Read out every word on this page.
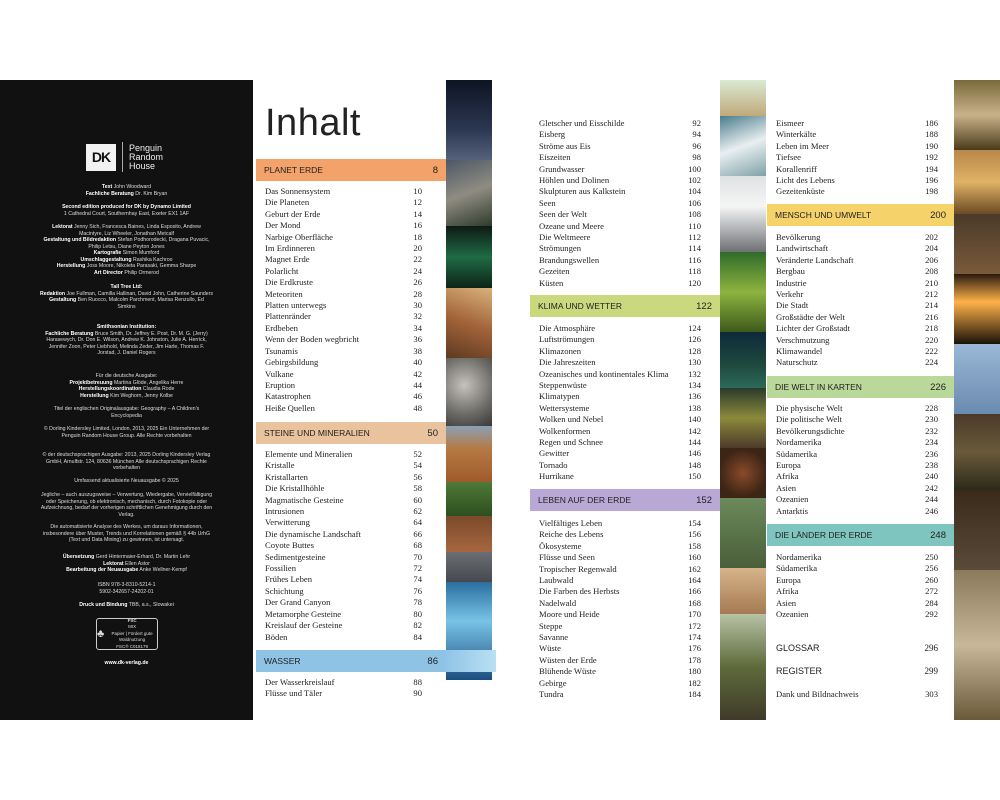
DK
Penguin
Random
House

Text John Woodward

Fachliche Beratung Dr. Kim Bryan

Second edition produced for DK by Dynamo Limited

1 Cathedral Court, Southernhay East, Exeter EX1 1AF

Lektorat Jenny Sich, Francesca Baines, Linda Esposito, Andrew Macintyre, Liz Wheeler, Jonathan Metcalf

Gestaltung und Bildredaktion Stefan Podhorodecki, Dragana Puvacic, Philip Letsu, Diane Peyton Jones

Kartografie Simon Mumford

Umschlaggestaltung Rashika Kachroo

Herstellung Joss Moore, Nikoleta Parasaki, Gemma Sharpe

Art Director Philip Ormerod

Tall Tree Ltd:

Redaktion Joe Fullman, Camilla Hallinan, David John, Catherine Saunders

Gestaltung Ben Ruocco, Malcolm Parchment, Marisa Renzullo, Ed Simkins

Smithsonian Institution:

Fachliche Beratung Bruce Smith, Dr. Jeffrey E. Post, Dr. M. G. (Jerry) Harasewych, Dr. Don E. Wilson, Andrew K. Johnston, Julie A. Herrick, Jennifer Zoon, Peter Liebhold, Melinda Zeder, Jim Harle, Thomas F. Jorstad, J. Daniel Rogers

Für die deutsche Ausgabe:

Projektbetreuung Martina Glöde, Angelika Herre

Herstellungskoordination Claudia Rode

Herstellung Kim Weghorn, Jenny Kolbe

Titel der englischen Originalausgabe: Geography – A Children's Encyclopedia

© Dorling Kindersley Limited, London, 2013, 2025 Ein Unternehmen der Penguin Random House Group. Alle Rechte vorbehalten

© der deutschsprachigen Ausgabe: 2013, 2025 Dorling Kindersley Verlag GmbH, Arnulfstr. 124, 80636 München Alle deutschsprachigen Rechte vorbehalten

Umfassend aktualisierte Neuausgabe © 2025

Jegliche – auch auszugsweise – Verwertung, Wiedergabe, Vervielfältigung oder Speicherung, ob elektronisch, mechanisch, durch Fotokopie oder Aufzeichnung, bedarf der vorherigen schriftlichen Genehmigung durch den Verlag.

Die automatisierte Analyse des Werkes, um daraus Informationen, insbesondere über Muster, Trends und Korrelationen gemäß § 44b UrhG (Text und Data Mining) zu gewinnen, ist untersagt.

Übersetzung Gerd Hintermaier-Erhard, Dr. Martin Lehr

Lektorat Ellen Astor

Bearbeitung der Neuausgabe Anke Wellner-Kempf

ISBN 978-3-8310-5214-1

5902-342657-24202-01

Druck und Bindung TBB, a.s., Slowakei

♣
FSC
MIX
Papier | Fördert gute Waldnutzung
FSC® C018179

www.dk-verlag.de

Inhalt
PLANET ERDE	8
Das Sonnensystem	10
Die Planeten	12
Geburt der Erde	14
Der Mond	16
Narbige Oberfläche	18
Im Erdinneren	20
Magnet Erde	22
Polarlicht	24
Die Erdkruste	26
Meteoriten	28
Platten unterwegs	30
Plattenränder	32
Erdbeben	34
Wenn der Boden wegbricht	36
Tsunamis	38
Gebirgsbildung	40
Vulkane	42
Eruption	44
Katastrophen	46
Heiße Quellen	48
STEINE UND MINERALIEN	50
Elemente und Mineralien	52
Kristalle	54
Kristallarten	56
Die Kristallhöhle	58
Magmatische Gesteine	60
Intrusionen	62
Verwitterung	64
Die dynamische Landschaft	66
Coyote Buttes	68
Sedimentgesteine	70
Fossilien	72
Frühes Leben	74
Schichtung	76
Der Grand Canyon	78
Metamorphe Gesteine	80
Kreislauf der Gesteine	82
Böden	84
WASSER	86
Der Wasserkreislauf	88
Flüsse und Täler	90
Gletscher und Eisschilde	92
Eisberg	94
Ströme aus Eis	96
Eiszeiten	98
Grundwasser	100
Höhlen und Dolinen	102
Skulpturen aus Kalkstein	104
Seen	106
Seen der Welt	108
Ozeane und Meere	110
Die Weltmeere	112
Strömungen	114
Brandungswellen	116
Gezeiten	118
Küsten	120
KLIMA UND WETTER	122
Die Atmosphäre	124
Luftströmungen	126
Klimazonen	128
Die Jahreszeiten	130
Ozeanisches und kontinentales Klima 132
Steppenwüste	134
Klimatypen	136
Wettersysteme	138
Wolken und Nebel	140
Wolkenformen	142
Regen und Schnee	144
Gewitter	146
Tornado	148
Hurrikane	150
LEBEN AUF DER ERDE	152
Vielfältiges Leben	154
Reiche des Lebens	156
Ökosysteme	158
Flüsse und Seen	160
Tropischer Regenwald	162
Laubwald	164
Die Farben des Herbsts	166
Nadelwald	168
Moore und Heide	170
Steppe	172
Savanne	174
Wüste	176
Wüsten der Erde	178
Blühende Wüste	180
Gebirge	182
Tundra	184
Eismeer	186
Winterkälte	188
Leben im Meer	190
Tiefsee	192
Korallenriff	194
Licht des Lebens	196
Gezeitenküste	198
MENSCH UND UMWELT	200
Bevölkerung	202
Landwirtschaft	204
Veränderte Landschaft	206
Bergbau	208
Industrie	210
Verkehr	212
Die Stadt	214
Großstädte der Welt	216
Lichter der Großstadt	218
Verschmutzung	220
Klimawandel	222
Naturschutz	224
DIE WELT IN KARTEN	226
Die physische Welt	228
Die politische Welt	230
Bevölkerungsdichte	232
Nordamerika	234
Südamerika	236
Europa	238
Afrika	240
Asien	242
Ozeanien	244
Antarktis	246
DIE LÄNDER DER ERDE	248
Nordamerika	250
Südamerika	256
Europa	260
Afrika	272
Asien	284
Ozeanien	292
GLOSSAR	296
REGISTER	299
Dank und Bildnachweis	303
